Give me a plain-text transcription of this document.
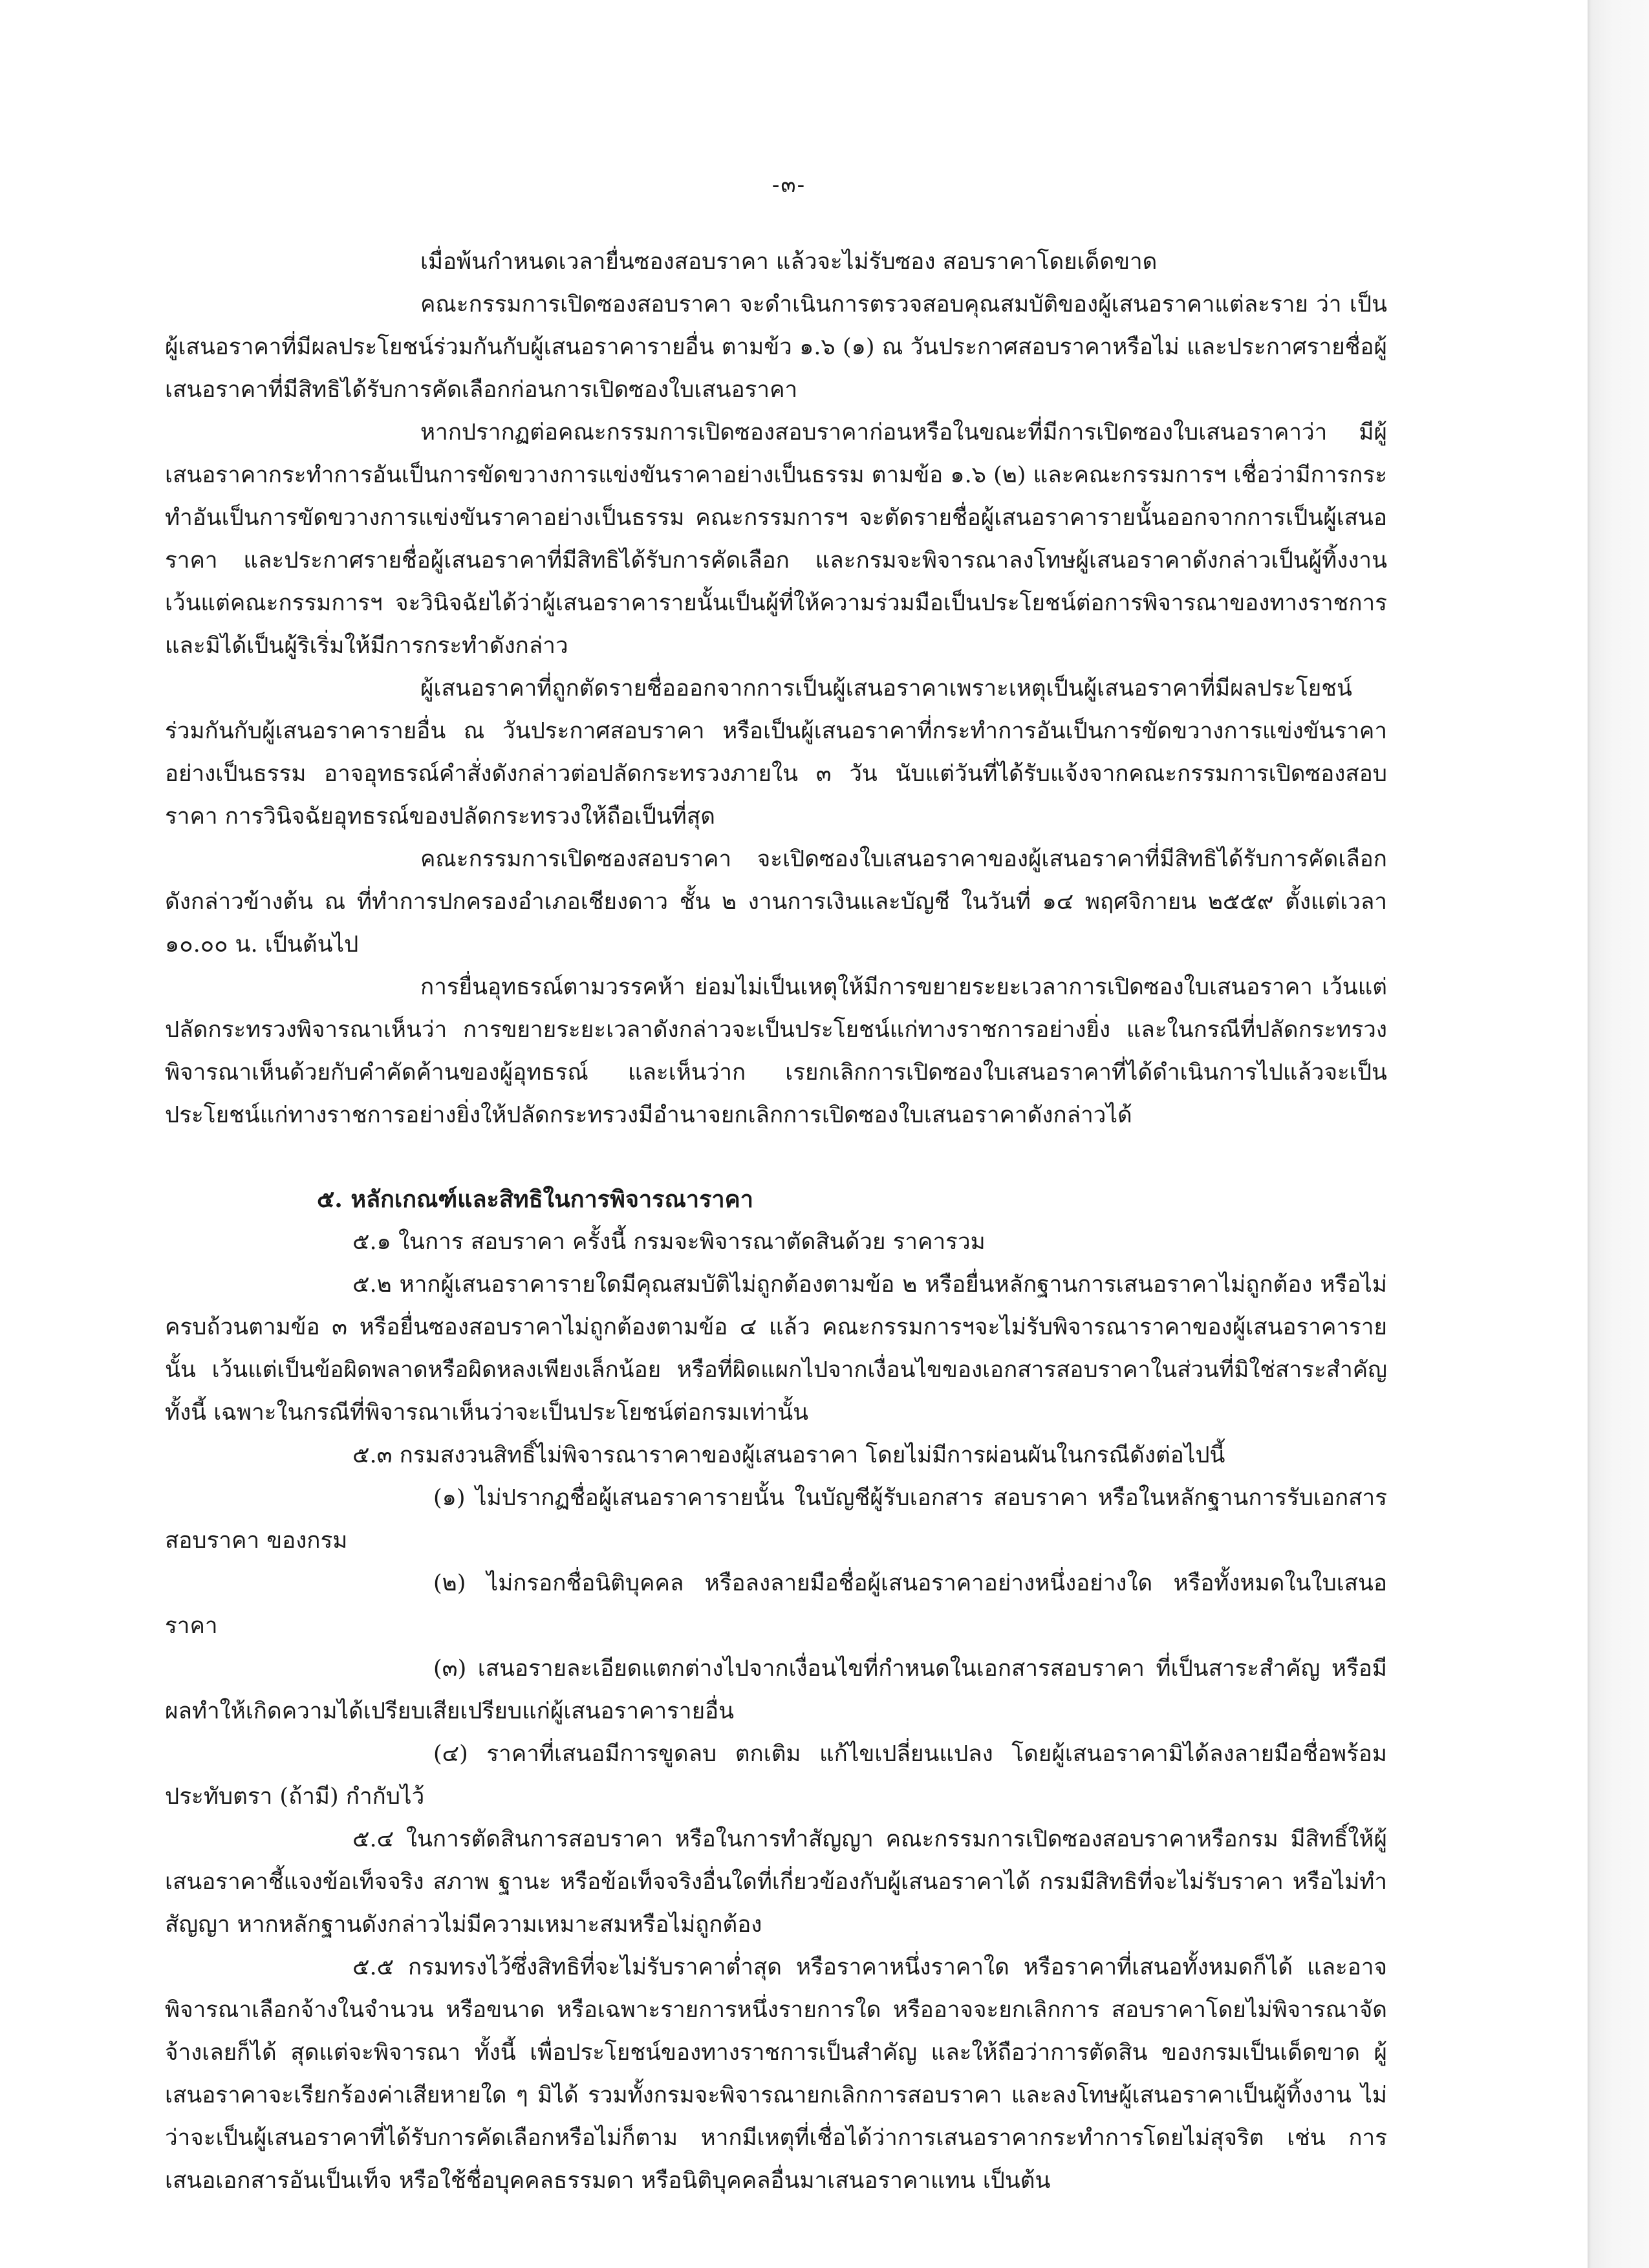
-๓-

เมื่อพ้นกำหนดเวลายื่นซองสอบราคา แล้วจะไม่รับซอง สอบราคาโดยเด็ดขาด

คณะกรรมการเปิดซองสอบราคา จะดำเนินการตรวจสอบคุณสมบัติของผู้เสนอราคาแต่ละราย ว่า เป็นผู้เสนอราคาที่มีผลประโยชน์ร่วมกันกับผู้เสนอราคารายอื่น ตามข้ว ๑.๖ (๑) ณ วันประกาศสอบราคาหรือไม่ และประกาศรายชื่อผู้เสนอราคาที่มีสิทธิได้รับการคัดเลือกก่อนการเปิดซองใบเสนอราคา

หากปรากฏต่อคณะกรรมการเปิดซองสอบราคาก่อนหรือในขณะที่มีการเปิดซองใบเสนอราคาว่า มีผู้เสนอราคากระทำการอันเป็นการขัดขวางการแข่งขันราคาอย่างเป็นธรรม ตามข้อ ๑.๖ (๒) และคณะกรรมการฯ เชื่อว่ามีการกระทำอันเป็นการขัดขวางการแข่งขันราคาอย่างเป็นธรรม คณะกรรมการฯ จะตัดรายชื่อผู้เสนอราคารายนั้นออกจากการเป็นผู้เสนอราคา และประกาศรายชื่อผู้เสนอราคาที่มีสิทธิได้รับการคัดเลือก และกรมจะพิจารณาลงโทษผู้เสนอราคาดังกล่าวเป็นผู้ทิ้งงาน เว้นแต่คณะกรรมการฯ จะวินิจฉัยได้ว่าผู้เสนอราคารายนั้นเป็นผู้ที่ให้ความร่วมมือเป็นประโยชน์ต่อการพิจารณาของทางราชการและมิได้เป็นผู้ริเริ่มให้มีการกระทำดังกล่าว

ผู้เสนอราคาที่ถูกตัดรายชื่อออกจากการเป็นผู้เสนอราคาเพราะเหตุเป็นผู้เสนอราคาที่มีผลประโยชน์ร่วมกันกับผู้เสนอราคารายอื่น ณ วันประกาศสอบราคา หรือเป็นผู้เสนอราคาที่กระทำการอันเป็นการขัดขวางการแข่งขันราคาอย่างเป็นธรรม อาจอุทธรณ์คำสั่งดังกล่าวต่อปลัดกระทรวงภายใน ๓ วัน นับแต่วันที่ได้รับแจ้งจากคณะกรรมการเปิดซองสอบราคา การวินิจฉัยอุทธรณ์ของปลัดกระทรวงให้ถือเป็นที่สุด

คณะกรรมการเปิดซองสอบราคา จะเปิดซองใบเสนอราคาของผู้เสนอราคาที่มีสิทธิได้รับการคัดเลือก ดังกล่าวข้างต้น ณ ที่ทำการปกครองอำเภอเชียงดาว ชั้น ๒ งานการเงินและบัญชี ในวันที่ ๑๔ พฤศจิกายน ๒๕๕๙ ตั้งแต่เวลา ๑๐.๐๐ น. เป็นต้นไป

การยื่นอุทธรณ์ตามวรรคห้า ย่อมไม่เป็นเหตุให้มีการขยายระยะเวลาการเปิดซองใบเสนอราคา เว้นแต่ปลัดกระทรวงพิจารณาเห็นว่า การขยายระยะเวลาดังกล่าวจะเป็นประโยชน์แก่ทางราชการอย่างยิ่ง และในกรณีที่ปลัดกระทรวงพิจารณาเห็นด้วยกับคำคัดค้านของผู้อุทธรณ์ และเห็นว่าก เรยกเลิกการเปิดซองใบเสนอราคาที่ได้ดำเนินการไปแล้วจะเป็นประโยชน์แก่ทางราชการอย่างยิ่งให้ปลัดกระทรวงมีอำนาจยกเลิกการเปิดซองใบเสนอราคาดังกล่าวได้

๕. หลักเกณฑ์และสิทธิในการพิจารณาราคา

๕.๑ ในการ สอบราคา ครั้งนี้ กรมจะพิจารณาตัดสินด้วย ราคารวม

๕.๒ หากผู้เสนอราคารายใดมีคุณสมบัติไม่ถูกต้องตามข้อ ๒ หรือยื่นหลักฐานการเสนอราคาไม่ถูกต้อง หรือไม่ครบถ้วนตามข้อ ๓ หรือยื่นซองสอบราคาไม่ถูกต้องตามข้อ ๔ แล้ว คณะกรรมการฯจะไม่รับพิจารณาราคาของผู้เสนอราคารายนั้น เว้นแต่เป็นข้อผิดพลาดหรือผิดหลงเพียงเล็กน้อย หรือที่ผิดแผกไปจากเงื่อนไขของเอกสารสอบราคาในส่วนที่มิใช่สาระสำคัญ ทั้งนี้ เฉพาะในกรณีที่พิจารณาเห็นว่าจะเป็นประโยชน์ต่อกรมเท่านั้น

๕.๓ กรมสงวนสิทธิ์ไม่พิจารณาราคาของผู้เสนอราคา โดยไม่มีการผ่อนผันในกรณีดังต่อไปนี้

(๑) ไม่ปรากฏชื่อผู้เสนอราคารายนั้น ในบัญชีผู้รับเอกสาร สอบราคา หรือในหลักฐานการรับเอกสารสอบราคา ของกรม

(๒) ไม่กรอกชื่อนิติบุคคล หรือลงลายมือชื่อผู้เสนอราคาอย่างหนึ่งอย่างใด หรือทั้งหมดในใบเสนอราคา

(๓) เสนอรายละเอียดแตกต่างไปจากเงื่อนไขที่กำหนดในเอกสารสอบราคา ที่เป็นสาระสำคัญ หรือมีผลทำให้เกิดความได้เปรียบเสียเปรียบแก่ผู้เสนอราคารายอื่น

(๔) ราคาที่เสนอมีการขูดลบ ตกเติม แก้ไขเปลี่ยนแปลง โดยผู้เสนอราคามิได้ลงลายมือชื่อพร้อมประทับตรา (ถ้ามี) กำกับไว้

๕.๔ ในการตัดสินการสอบราคา หรือในการทำสัญญา คณะกรรมการเปิดซองสอบราคาหรือกรม มีสิทธิ์ให้ผู้เสนอราคาชี้แจงข้อเท็จจริง สภาพ ฐานะ หรือข้อเท็จจริงอื่นใดที่เกี่ยวข้องกับผู้เสนอราคาได้ กรมมีสิทธิที่จะไม่รับราคา หรือไม่ทำสัญญา หากหลักฐานดังกล่าวไม่มีความเหมาะสมหรือไม่ถูกต้อง

๕.๕ กรมทรงไว้ซึ่งสิทธิที่จะไม่รับราคาต่ำสุด หรือราคาหนึ่งราคาใด หรือราคาที่เสนอทั้งหมดก็ได้ และอาจพิจารณาเลือกจ้างในจำนวน หรือขนาด หรือเฉพาะรายการหนึ่งรายการใด หรืออาจจะยกเลิกการ สอบราคาโดยไม่พิจารณาจัดจ้างเลยก็ได้ สุดแต่จะพิจารณา ทั้งนี้ เพื่อประโยชน์ของทางราชการเป็นสำคัญ และให้ถือว่าการตัดสิน ของกรมเป็นเด็ดขาด ผู้เสนอราคาจะเรียกร้องค่าเสียหายใด ๆ มิได้ รวมทั้งกรมจะพิจารณายกเลิกการสอบราคา และลงโทษผู้เสนอราคาเป็นผู้ทิ้งงาน ไม่ว่าจะเป็นผู้เสนอราคาที่ได้รับการคัดเลือกหรือไม่ก็ตาม หากมีเหตุที่เชื่อได้ว่าการเสนอราคากระทำการโดยไม่สุจริต เช่น การเสนอเอกสารอันเป็นเท็จ หรือใช้ชื่อบุคคลธรรมดา หรือนิติบุคคลอื่นมาเสนอราคาแทน เป็นต้น
